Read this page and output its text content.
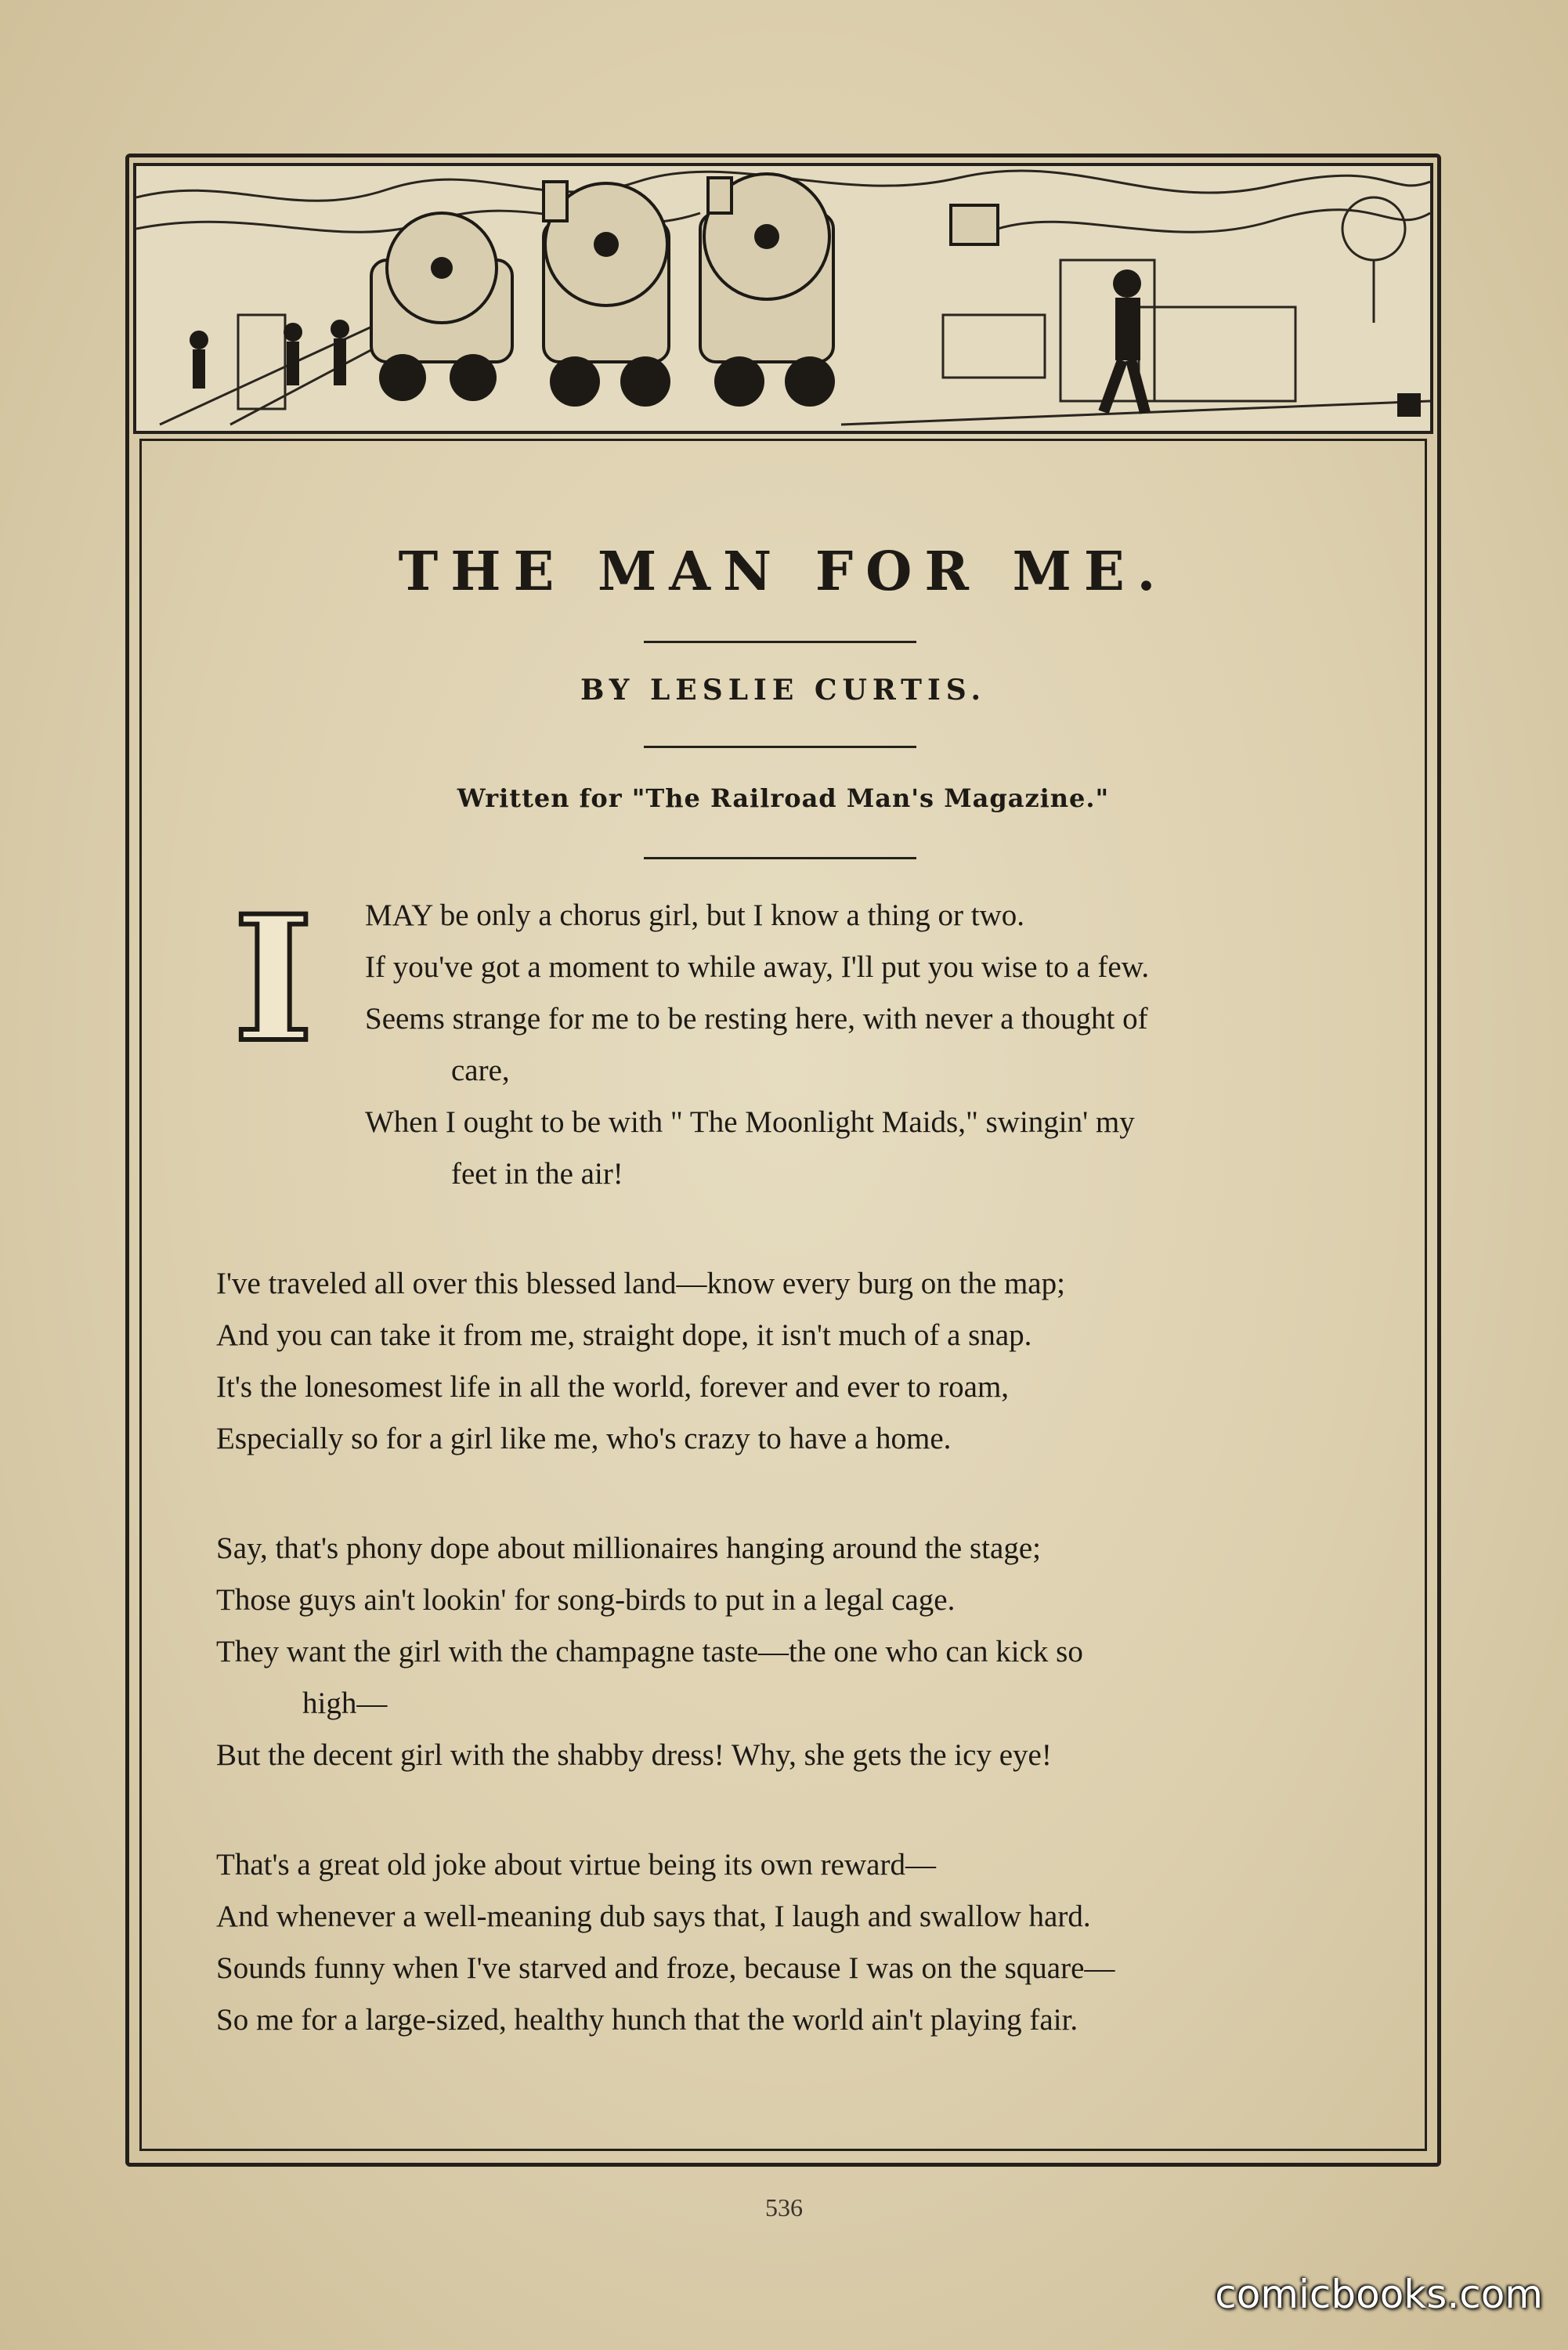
THE MAN FOR ME.
BY LESLIE CURTIS.
Written for "The Railroad Man's Magazine."
I	MAY be only a chorus girl, but I know a thing or two.
If you've got a moment to while away, I'll put you wise to a few.
Seems strange for me to be resting here, with never a thought of
care,
When I ought to be with " The Moonlight Maids," swingin' my
feet in the air!
I've traveled all over this blessed land—know every burg on the map;
And you can take it from me, straight dope, it isn't much of a snap.
It's the lonesomest life in all the world, forever and ever to roam,
Especially so for a girl like me, who's crazy to have a home.
Say, that's phony dope about millionaires hanging around the stage;
Those guys ain't lookin' for song-birds to put in a legal cage.
They want the girl with the champagne taste—the one who can kick so
high—
But the decent girl with the shabby dress! Why, she gets the icy eye!
That's a great old joke about virtue being its own reward—
And whenever a well-meaning dub says that, I laugh and swallow hard.
Sounds funny when I've starved and froze, because I was on the square—
So me for a large-sized, healthy hunch that the world ain't playing fair.
536
comicbooks.com
